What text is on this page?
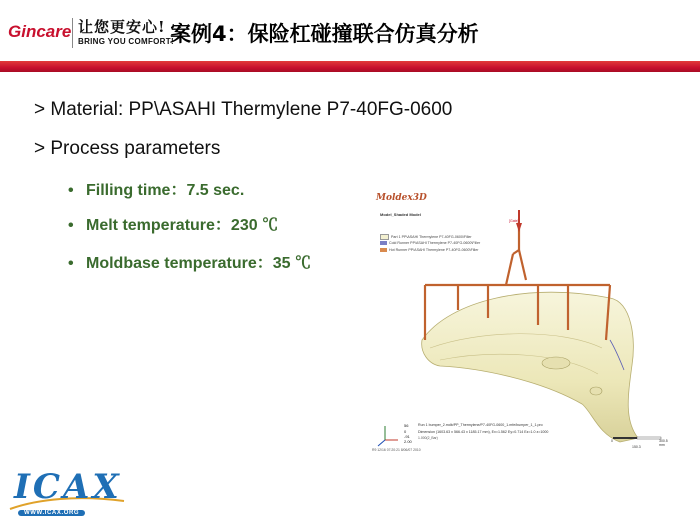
Gincare 让您更安心!
BRING YOU COMFORT!
案例4：保险杠碰撞联合仿真分析
> Material: PP\ASAHI Thermylene P7-40FG-0600
> Process parameters
• Filling time：7.5 sec.
• Melt temperature：230 ℃
• Moldbase temperature：35 ℃
Moldex3D
Model_Shaded Model
Part 1 PP\ASAHI Thermylene P7-40FG-0600\Filler
Cold Runner PP\ASAHI Thermylene P7-40FG-0600\Filler
Hot Runner PP\ASAHI Thermylene P7-40FG-0600\Filler
[Gate]
56
0
-91
2.00
Run 1 bumper_2.mdb/PP_Thermylene/P7-40FG-0600_1.mfe/bumper_1_1.pro
Dimension (1603.63 x 566.43 x 1185.17 mm), Ex=1.562 Ey=0.714 Ez=1.0 z=1000
1.000(2_Bar)
R9 12/16 07:20:21 8/06/07 2010
0	300.5 mm
150.3
ICAX
WWW.ICAX.ORG
